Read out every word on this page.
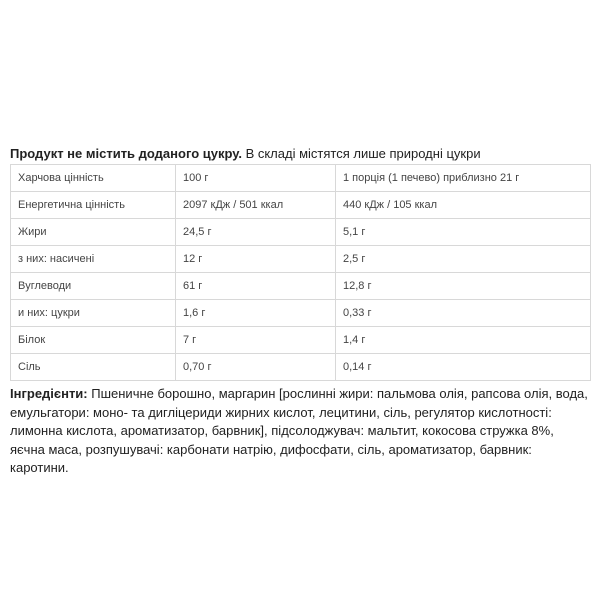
Продукт не містить доданого цукру. В складі містятся лише природні цукри

Харчова цінність	100 г	1 порція (1 печево) приблизно 21 г
Енергетична цінність	2097 кДж / 501 ккал	440 кДж / 105 ккал
Жири	24,5 г	5,1 г
з них: насичені	12 г	2,5 г
Вуглеводи	61 г	12,8 г
и них: цукри	1,6 г	0,33 г
Білок	7 г	1,4 г
Сіль	0,70 г	0,14 г

Інгредієнти: Пшеничне борошно, маргарин [рослинні жири: пальмова олія, рапсова олія, вода, емульгатори: моно- та дигліцериди жирних кислот, лецитини, сіль, регулятор кислотності: лимонна кислота, ароматизатор, барвник], підсолоджувач: мальтит, кокосова стружка 8%, яєчна маса, розпушувачі: карбонати натрію, дифосфати, сіль, ароматизатор, барвник: каротини.
